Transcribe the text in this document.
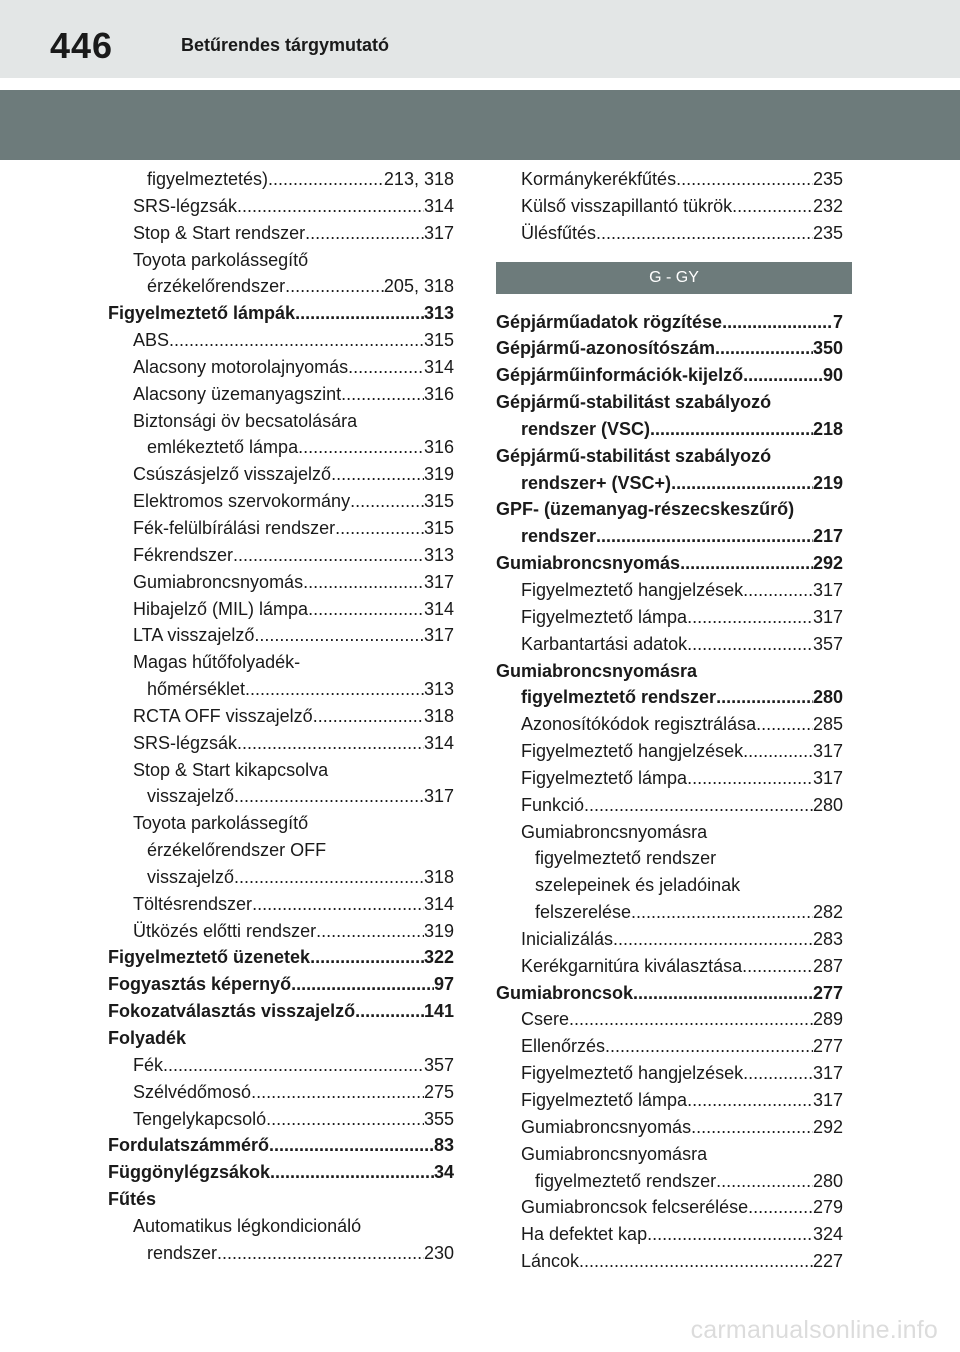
446	Betűrendes tárgymutató
figyelmeztetés) .....	213, 318
SRS-légzsák .....	314
Stop & Start rendszer .....	317
Toyota parkolássegítő
érzékelőrendszer .....	205, 318
Figyelmeztető lámpák .....	313
ABS .....	315
Alacsony motorolajnyomás .....	314
Alacsony üzemanyagszint .....	316
Biztonsági öv becsatolására
emlékeztető lámpa .....	316
Csúszásjelző visszajelző .....	319
Elektromos szervokormány .....	315
Fék-felülbírálási rendszer .....	315
Fékrendszer .....	313
Gumiabroncsnyomás .....	317
Hibajelző (MIL) lámpa .....	314
LTA visszajelző .....	317
Magas hűtőfolyadék-
hőmérséklet .....	313
RCTA OFF visszajelző .....	318
SRS-légzsák .....	314
Stop & Start kikapcsolva
visszajelző .....	317
Toyota parkolássegítő
érzékelőrendszer OFF
visszajelző .....	318
Töltésrendszer .....	314
Ütközés előtti rendszer .....	319
Figyelmeztető üzenetek .....	322
Fogyasztás képernyő .....	97
Fokozatválasztás visszajelző .....	141
Folyadék
Fék .....	357
Szélvédőmosó .....	275
Tengelykapcsoló .....	355
Fordulatszámmérő .....	83
Függönylégzsákok .....	34
Fűtés
Automatikus légkondicionáló
rendszer .....	230
Kormánykerékfűtés .....	235
Külső visszapillantó tükrök .....	232
Ülésfűtés .....	235
G - GY
Gépjárműadatok rögzítése .....	7
Gépjármű-azonosítószám .....	350
Gépjárműinformációk-kijelző .....	90
Gépjármű-stabilitást szabályozó
rendszer (VSC) .....	218
Gépjármű-stabilitást szabályozó
rendszer+ (VSC+) .....	219
GPF- (üzemanyag-részecskeszűrő)
rendszer .....	217
Gumiabroncsnyomás .....	292
Figyelmeztető hangjelzések .....	317
Figyelmeztető lámpa .....	317
Karbantartási adatok .....	357
Gumiabroncsnyomásra
figyelmeztető rendszer .....	280
Azonosítókódok regisztrálása .....	285
Figyelmeztető hangjelzések .....	317
Figyelmeztető lámpa .....	317
Funkció .....	280
Gumiabroncsnyomásra
figyelmeztető rendszer
szelepeinek és jeladóinak
felszerelése .....	282
Inicializálás .....	283
Kerékgarnitúra kiválasztása .....	287
Gumiabroncsok .....	277
Csere .....	289
Ellenőrzés .....	277
Figyelmeztető hangjelzések .....	317
Figyelmeztető lámpa .....	317
Gumiabroncsnyomás .....	292
Gumiabroncsnyomásra
figyelmeztető rendszer .....	280
Gumiabroncsok felcserélése .....	279
Ha defektet kap .....	324
Láncok .....	227
carmanualsonline.info
